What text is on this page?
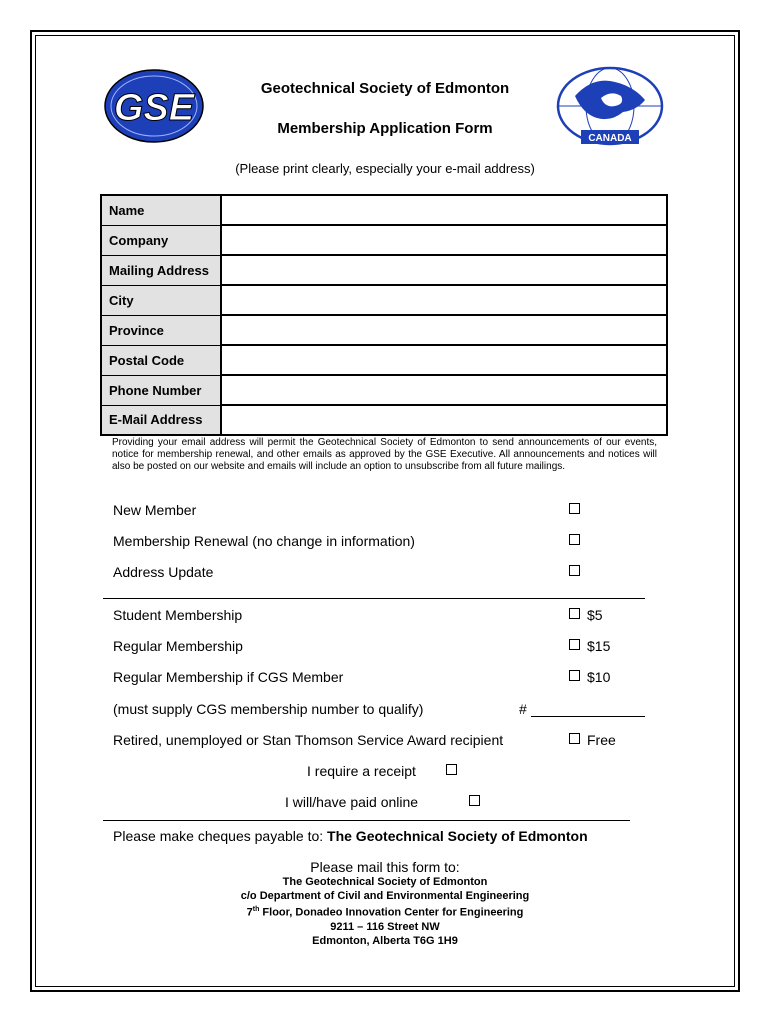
GSE
CANADA
Geotechnical Society of Edmonton
Membership Application Form
(Please print clearly, especially your e-mail address)
Name	
Company	
Mailing Address	
City	
Province	
Postal Code	
Phone Number	
E-Mail Address	
Providing your email address will permit the Geotechnical Society of Edmonton to send announcements of our events, notice for membership renewal, and other emails as approved by the GSE Executive. All announcements and notices will also be posted on our website and emails will include an option to unsubscribe from all future mailings.
New Member
Membership Renewal (no change in information)
Address Update
Student Membership	$5
Regular Membership	$15
Regular Membership if CGS Member	$10
(must supply CGS membership number to qualify)	#
Retired, unemployed or Stan Thomson Service Award recipient	Free
I require a receipt
I will/have paid online
Please make cheques payable to: The Geotechnical Society of Edmonton
Please mail this form to:
The Geotechnical Society of Edmonton
c/o Department of Civil and Environmental Engineering
7th Floor, Donadeo Innovation Center for Engineering
9211 – 116 Street NW
Edmonton, Alberta T6G 1H9
